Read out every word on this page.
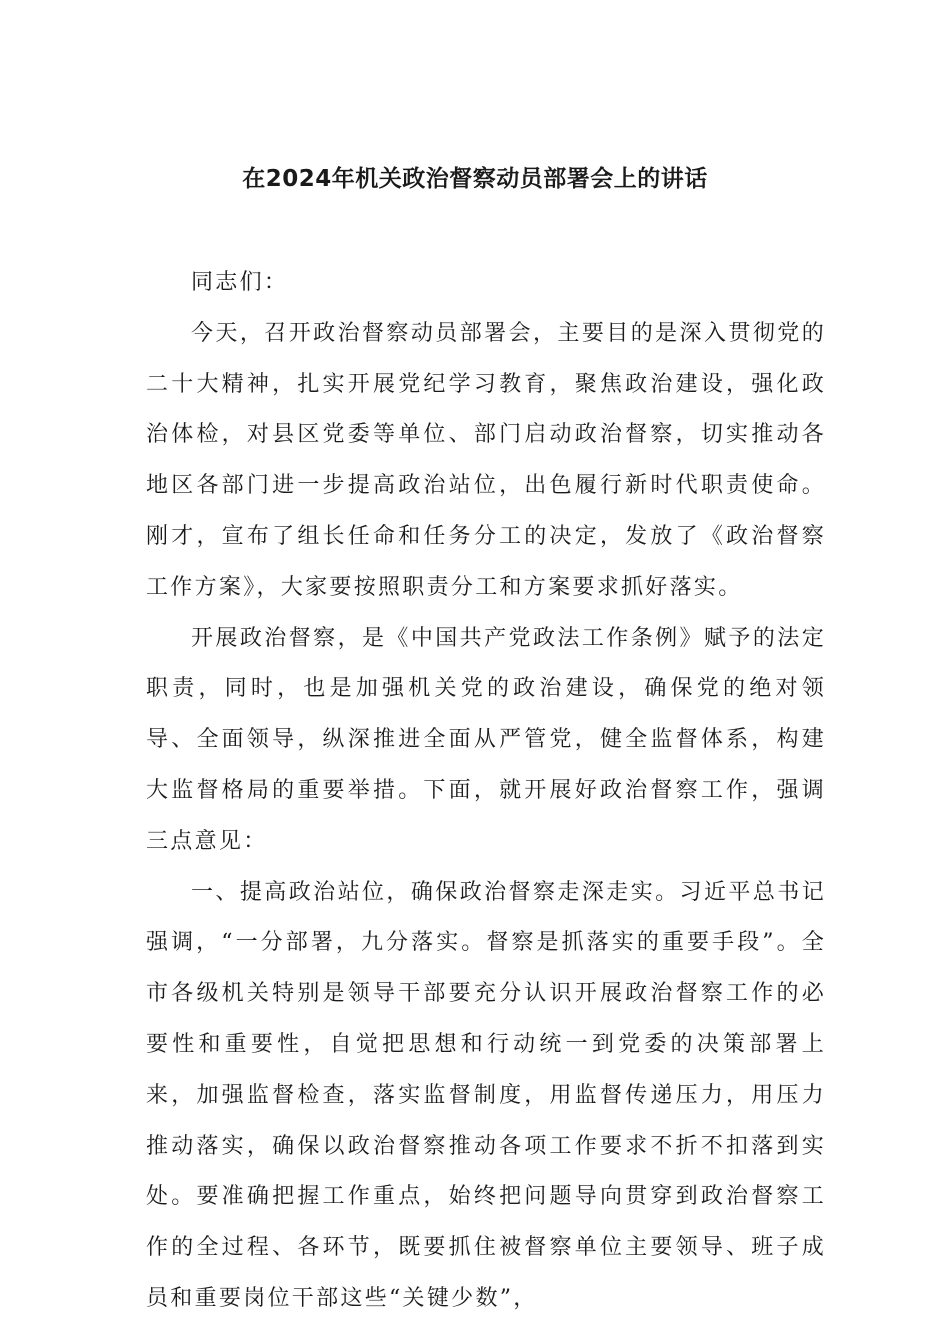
在2024年机关政治督察动员部署会上的讲话

同志们：

今天，召开政治督察动员部署会，主要目的是深入贯彻党的二十大精神，扎实开展党纪学习教育，聚焦政治建设，强化政治体检，对县区党委等单位、部门启动政治督察，切实推动各地区各部门进一步提高政治站位，出色履行新时代职责使命。刚才，宣布了组长任命和任务分工的决定，发放了《政治督察工作方案》，大家要按照职责分工和方案要求抓好落实。

开展政治督察，是《中国共产党政法工作条例》赋予的法定职责，同时，也是加强机关党的政治建设，确保党的绝对领导、全面领导，纵深推进全面从严管党，健全监督体系，构建大监督格局的重要举措。下面，就开展好政治督察工作，强调三点意见：

一、提高政治站位，确保政治督察走深走实。习近平总书记强调，“一分部署，九分落实。督察是抓落实的重要手段”。全市各级机关特别是领导干部要充分认识开展政治督察工作的必要性和重要性，自觉把思想和行动统一到党委的决策部署上来，加强监督检查，落实监督制度，用监督传递压力，用压力推动落实，确保以政治督察推动各项工作要求不折不扣落到实处。要准确把握工作重点，始终把问题导向贯穿到政治督察工作的全过程、各环节，既要抓住被督察单位主要领导、班子成员和重要岗位干部这些“关键少数”，
